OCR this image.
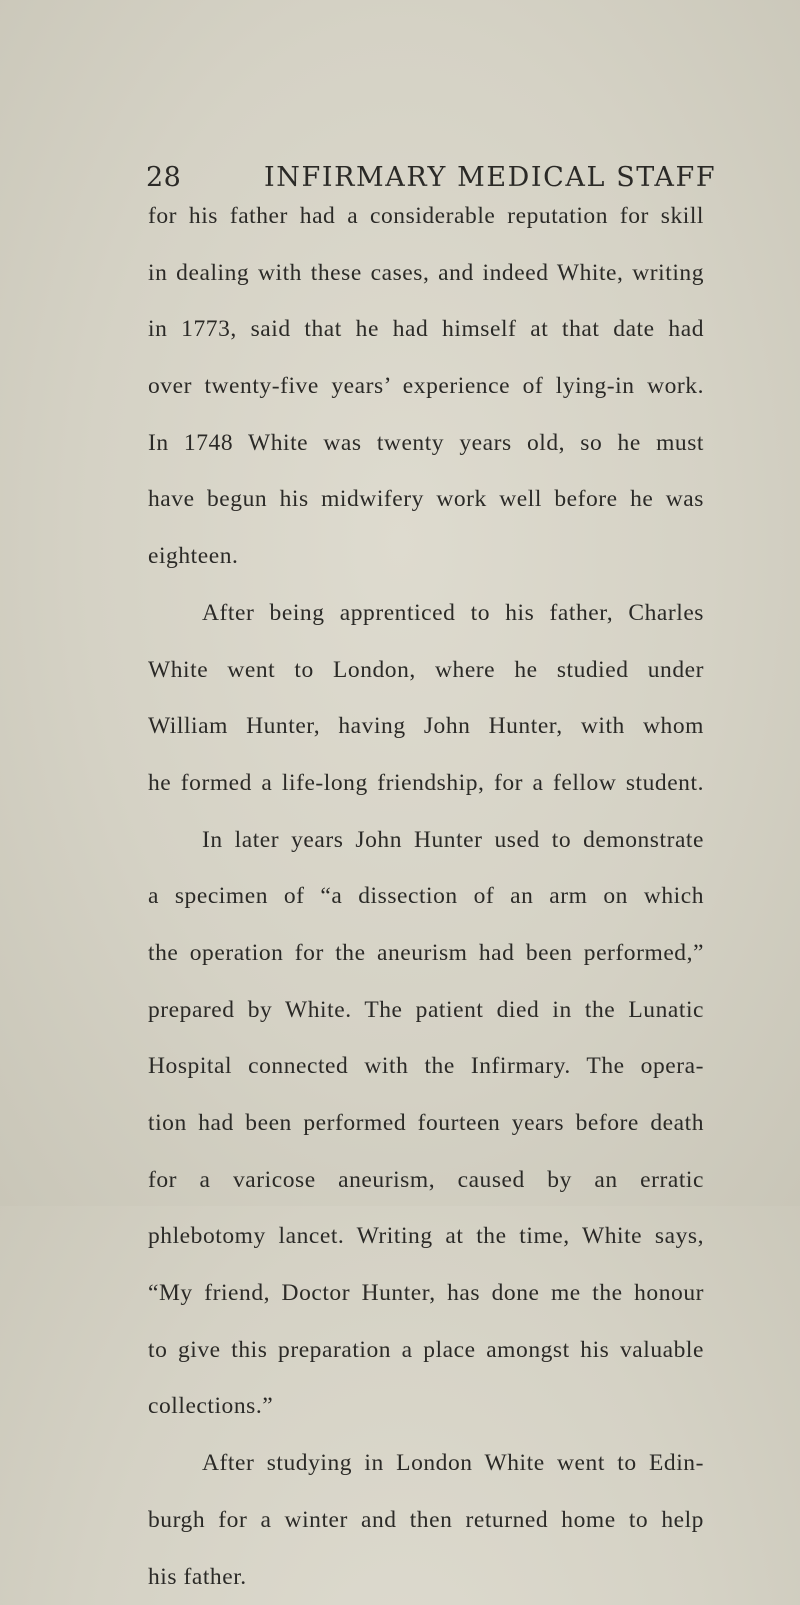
28	INFIRMARY MEDICAL STAFF
for his father had a considerable reputation for skill
in dealing with these cases, and indeed White, writing
in 1773, said that he had himself at that date had
over twenty-five years’ experience of lying-in work.
In 1748 White was twenty years old, so he must
have begun his midwifery work well before he was
eighteen.
After being apprenticed to his father, Charles
White went to London, where he studied under
William Hunter, having John Hunter, with whom
he formed a life-long friendship, for a fellow student.
In later years John Hunter used to demonstrate
a specimen of “a dissection of an arm on which
the operation for the aneurism had been performed,”
prepared by White. The patient died in the Lunatic
Hospital connected with the Infirmary. The opera-
tion had been performed fourteen years before death
for a varicose aneurism, caused by an erratic
phlebotomy lancet. Writing at the time, White says,
“My friend, Doctor Hunter, has done me the honour
to give this preparation a place amongst his valuable
collections.”
After studying in London White went to Edin-
burgh for a winter and then returned home to help
his father.
